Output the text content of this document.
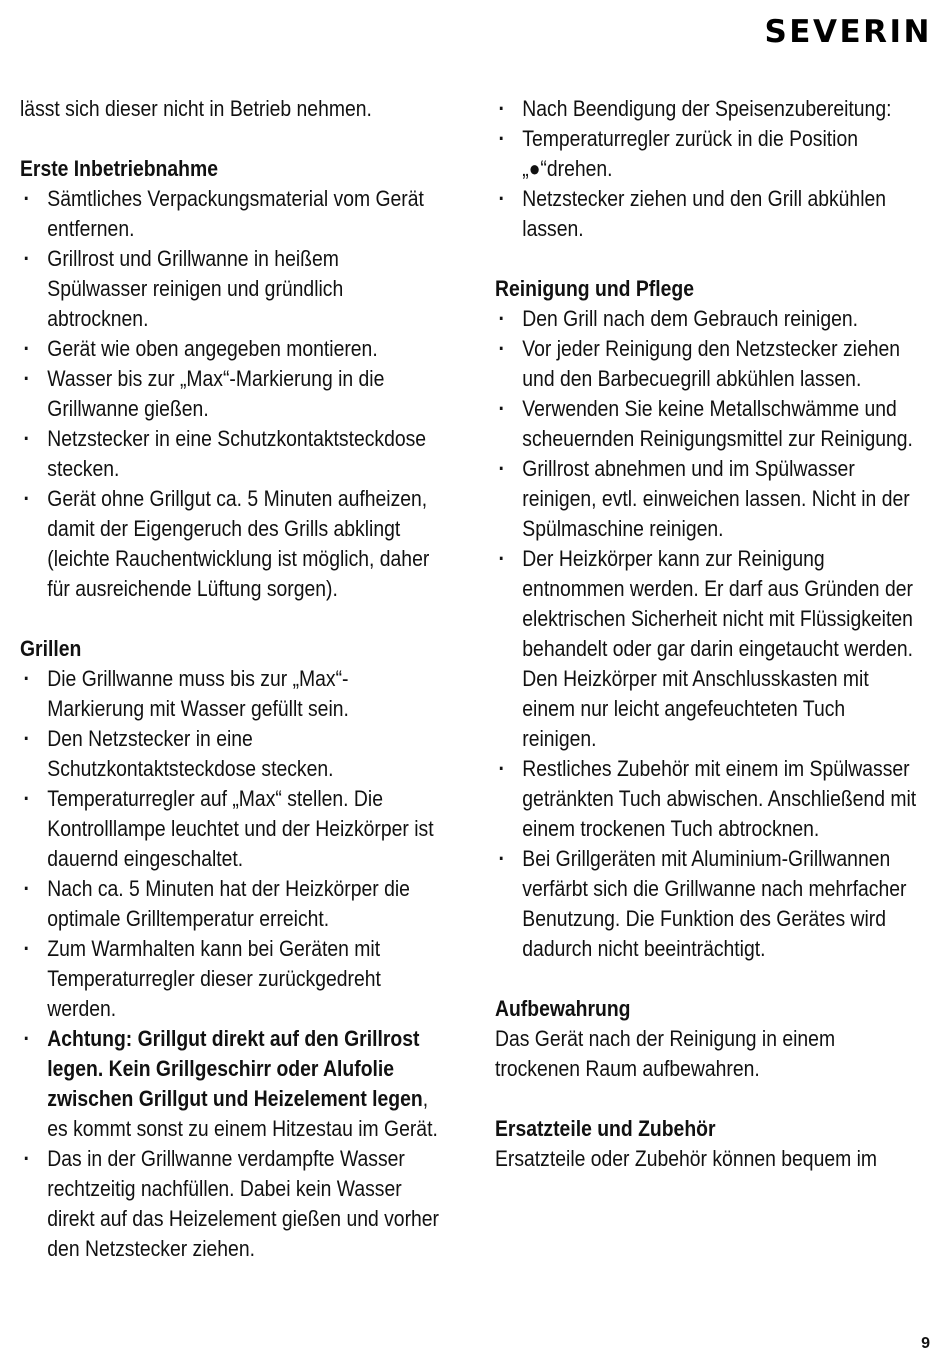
SEVERIN

lässt sich dieser nicht in Betrieb nehmen.

Erste Inbetriebnahme
· Sämtliches Verpackungsmaterial vom Gerät entfernen.
· Grillrost und Grillwanne in heißem Spülwasser reinigen und gründlich abtrocknen.
· Gerät wie oben angegeben montieren.
· Wasser bis zur „Max“-Markierung in die Grillwanne gießen.
· Netzstecker in eine Schutzkontaktsteckdose stecken.
· Gerät ohne Grillgut ca. 5 Minuten aufheizen, damit der Eigengeruch des Grills abklingt (leichte Rauchentwicklung ist möglich, daher für ausreichende Lüftung sorgen).
Grillen
· Die Grillwanne muss bis zur „Max“-Markierung mit Wasser gefüllt sein.
· Den Netzstecker in eine Schutzkontaktsteckdose stecken.
· Temperaturregler auf „Max“ stellen. Die Kontrolllampe leuchtet und der Heizkörper ist dauernd eingeschaltet.
· Nach ca. 5 Minuten hat der Heizkörper die optimale Grilltemperatur erreicht.
· Zum Warmhalten kann bei Geräten mit Temperaturregler dieser zurückgedreht werden.
· Achtung: Grillgut direkt auf den Grillrost legen. Kein Grillgeschirr oder Alufolie zwischen Grillgut und Heizelement legen, es kommt sonst zu einem Hitzestau im Gerät.
· Das in der Grillwanne verdampfte Wasser rechtzeitig nachfüllen. Dabei kein Wasser direkt auf das Heizelement gießen und vorher den Netzstecker ziehen.
· Nach Beendigung der Speisenzubereitung:
· Temperaturregler zurück in die Position „●“drehen.
· Netzstecker ziehen und den Grill abkühlen lassen.
Reinigung und Pflege
· Den Grill nach dem Gebrauch reinigen.
· Vor jeder Reinigung den Netzstecker ziehen und den Barbecuegrill abkühlen lassen.
· Verwenden Sie keine Metallschwämme und scheuernden Reinigungsmittel zur Reinigung.
· Grillrost abnehmen und im Spülwasser reinigen, evtl. einweichen lassen. Nicht in der Spülmaschine reinigen.
· Der Heizkörper kann zur Reinigung entnommen werden. Er darf aus Gründen der elektrischen Sicherheit nicht mit Flüssigkeiten behandelt oder gar darin eingetaucht werden. Den Heizkörper mit Anschlusskasten mit einem nur leicht angefeuchteten Tuch reinigen.
· Restliches Zubehör mit einem im Spülwasser getränkten Tuch abwischen. Anschließend mit einem trockenen Tuch abtrocknen.
· Bei Grillgeräten mit Aluminium-Grillwannen verfärbt sich die Grillwanne nach mehrfacher Benutzung. Die Funktion des Gerätes wird dadurch nicht beeinträchtigt.
Aufbewahrung

Das Gerät nach der Reinigung in einem trockenen Raum aufbewahren.

Ersatzteile und Zubehör

Ersatzteile oder Zubehör können bequem im

9
